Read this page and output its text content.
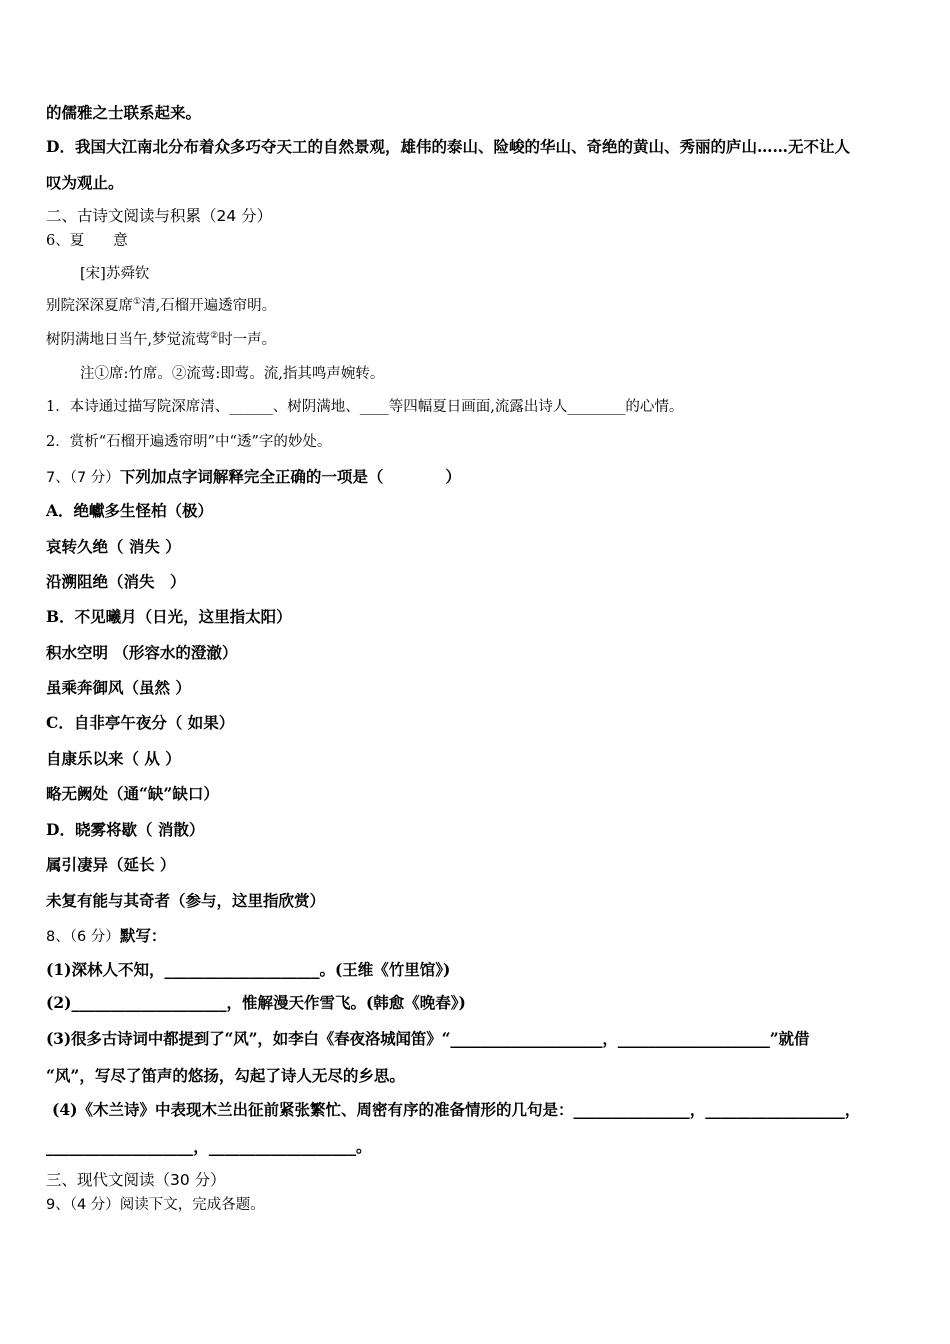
的儒雅之士联系起来。
D．我国大江南北分布着众多巧夺天工的自然景观，雄伟的泰山、险峻的华山、奇绝的黄山、秀丽的庐山……无不让人
叹为观止。
二、古诗文阅读与积累（24 分）
6、夏　　意
[宋]苏舜钦
别院深深夏席①清,石榴开遍透帘明。
树阴满地日当午,梦觉流莺②时一声。
注①席:竹席。②流莺:即莺。流,指其鸣声婉转。
1．本诗通过描写院深席清、______、树阴满地、____等四幅夏日画面,流露出诗人________的心情。
2．赏析“石榴开遍透帘明”中“透”字的妙处。
7、（7 分）下列加点字词解释完全正确的一项是（　　　　）
A．绝巘多生怪柏（极）
哀转久绝（ 消失 ）
沿溯阻绝（消失　）
B．不见曦月（日光，这里指太阳）
积水空明 （形容水的澄澈）
虽乘奔御风（虽然 ）
C．自非亭午夜分（ 如果）
自康乐以来（ 从 ）
略无阙处（通“缺”缺口）
D．晓雾将歇（ 消散）
属引凄异（延长 ）
未复有能与其奇者（参与，这里指欣赏）
8、（6 分）默写：
(1)深林人不知，____________________。(王维《竹里馆》)
(2)____________________，惟解漫天作雪飞。(韩愈《晚春》)
(3)很多古诗词中都提到了“风”，如李白《春夜洛城闻笛》“____________________，____________________”就借
“风”，写尽了笛声的悠扬，勾起了诗人无尽的乡思。
(4)《木兰诗》中表现木兰出征前紧张繁忙、周密有序的准备情形的几句是：_______________，__________________，
___________________，___________________。
三、现代文阅读（30 分）
9、（4 分）阅读下文，完成各题。
